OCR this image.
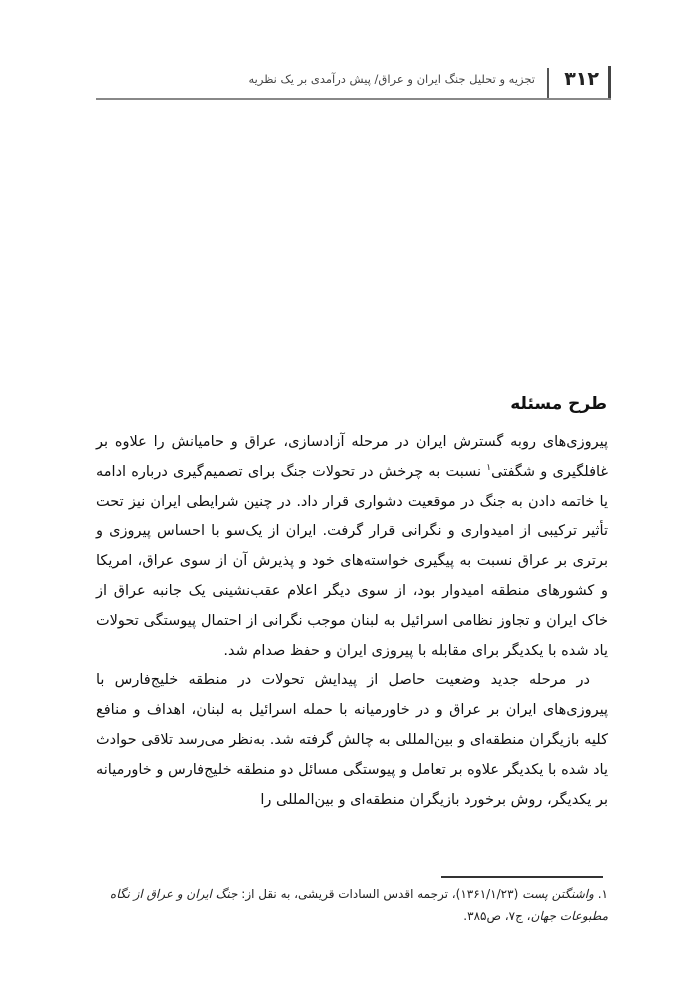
۳۱۲
تجزیه و تحلیل جنگ ایران و عراق/ پیش درآمدی بر یک نظریه
طرح مسئله

پیروزی‌های روبه گسترش ایران در مرحله آزادسازی، عراق و حامیانش را علاوه بر غافلگیری و شگفتی$^۱$ نسبت به چرخش در تحولات جنگ برای تصمیم‌گیری درباره ادامه یا خاتمه دادن به جنگ در موقعیت دشواری قرار داد. در چنین شرایطی ایران نیز تحت تأثیر ترکیبی از امیدواری و نگرانی قرار گرفت. ایران از یک‌سو با احساس پیروزی و برتری بر عراق نسبت به پیگیری خواسته‌های خود و پذیرش آن از سوی عراق، امریکا و کشورهای منطقه امیدوار بود، از سوی دیگر اعلام عقب‌نشینی یک جانبه عراق از خاک ایران و تجاوز نظامی اسرائیل به لبنان موجب نگرانی از احتمال پیوستگی تحولات یاد شده با یکدیگر برای مقابله با پیروزی ایران و حفظ صدام شد.

در مرحله جدید وضعیت حاصل از پیدایش تحولات در منطقه خلیج‌فارس با پیروزی‌های ایران بر عراق و در خاورمیانه با حمله اسرائیل به لبنان، اهداف و منافع کلیه بازیگران منطقه‌ای و بین‌المللی به چالش گرفته شد. به‌نظر می‌رسد تلاقی حوادث یاد شده با یکدیگر علاوه بر تعامل و پیوستگی مسائل دو منطقه خلیج‌فارس و خاورمیانه بر یکدیگر، روش برخورد بازیگران منطقه‌ای و بین‌المللی را

۱. واشنگتن پست (۱۳۶۱/۱/۲۳)، ترجمه اقدس السادات قریشی، به نقل از: جنگ ایران و عراق از نگاه مطبوعات جهان، ج۷، ص۳۸۵.
